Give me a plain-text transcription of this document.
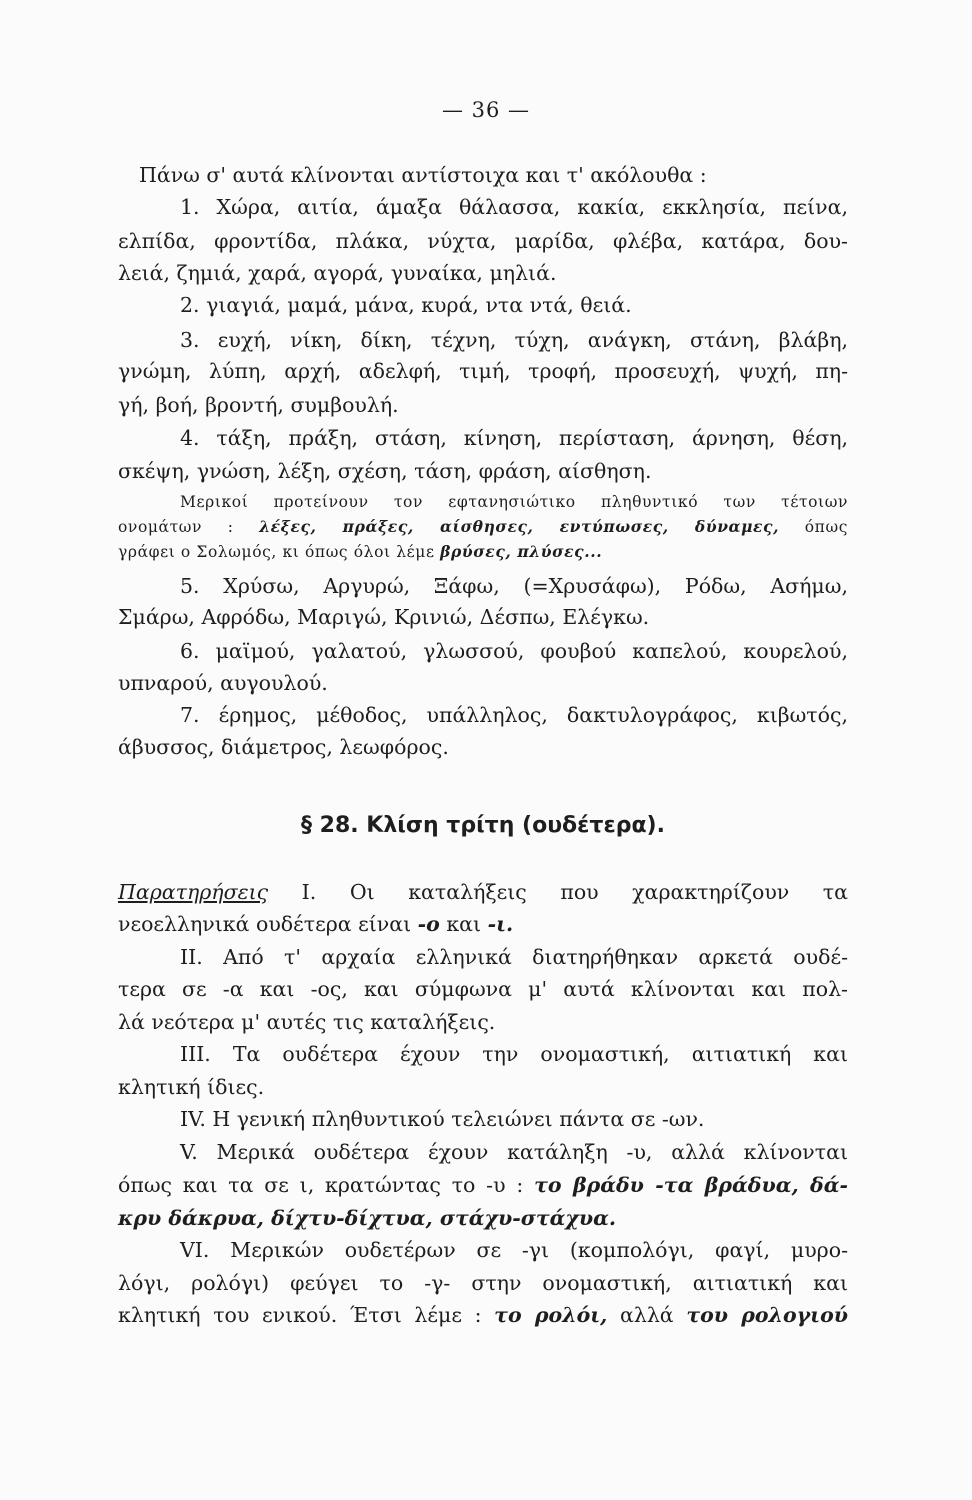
— 36 —
Πάνω σ' αυτά κλίνονται αντίστοιχα και τ' ακόλουθα :
1. Χώρα, αιτία, άμαξα θάλασσα, κακία, εκκλησία, πείνα,
ελπίδα, φροντίδα, πλάκα, νύχτα, μαρίδα, φλέβα, κατάρα, δου-
λειά, ζημιά, χαρά, αγορά, γυναίκα, μηλιά.
2. γιαγιά, μαμά, μάνα, κυρά, ντα ντά, θειά.
3. ευχή, νίκη, δίκη, τέχνη, τύχη, ανάγκη, στάνη, βλάβη,
γνώμη, λύπη, αρχή, αδελφή, τιμή, τροφή, προσευχή, ψυχή, πη-
γή, βοή, βροντή, συμβουλή.
4. τάξη, πράξη, στάση, κίνηση, περίσταση, άρνηση, θέση,
σκέψη, γνώση, λέξη, σχέση, τάση, φράση, αίσθηση.
Μερικοί προτείνουν τον εφτανησιώτικο πληθυντικό των τέτοιων
ονομάτων : λέξες, πράξες, αίσθησες, εντύπωσες, δύναμες, όπως
γράφει ο Σολωμός, κι όπως όλοι λέμε βρύσες, πλύσες...
5. Χρύσω, Αργυρώ, Ξάφω, (=Χρυσάφω), Ρόδω, Ασήμω,
Σμάρω, Αφρόδω, Μαριγώ, Κρινιώ, Δέσπω, Ελέγκω.
6. μαϊμού, γαλατού, γλωσσού, φουβού καπελού, κουρελού,
υπναρού, αυγουλού.
7. έρημος, μέθοδος, υπάλληλος, δακτυλογράφος, κιβωτός,
άβυσσος, διάμετρος, λεωφόρος.
§ 28. Κλίση τρίτη (ουδέτερα).
Παρατηρήσεις Ι. Οι καταλήξεις που χαρακτηρίζουν τα
νεοελληνικά ουδέτερα είναι -ο και -ι.
ΙΙ. Από τ' αρχαία ελληνικά διατηρήθηκαν αρκετά ουδέ-
τερα σε -α και -ος, και σύμφωνα μ' αυτά κλίνονται και πολ-
λά νεότερα μ' αυτές τις καταλήξεις.
ΙΙΙ. Τα ουδέτερα έχουν την ονομαστική, αιτιατική και
κλητική ίδιες.
IV. Η γενική πληθυντικού τελειώνει πάντα σε -ων.
V. Μερικά ουδέτερα έχουν κατάληξη -υ, αλλά κλίνονται
όπως και τα σε ι, κρατώντας το -υ : το βράδυ -τα βράδυα, δά-
κρυ δάκρυα, δίχτυ-δίχτυα, στάχυ-στάχυα.
VI. Μερικών ουδετέρων σε -γι (κομπολόγι, φαγί, μυρο-
λόγι, ρολόγι) φεύγει το -γ- στην ονομαστική, αιτιατική και
κλητική του ενικού. Έτσι λέμε : το ρολόι, αλλά του ρολογιού
